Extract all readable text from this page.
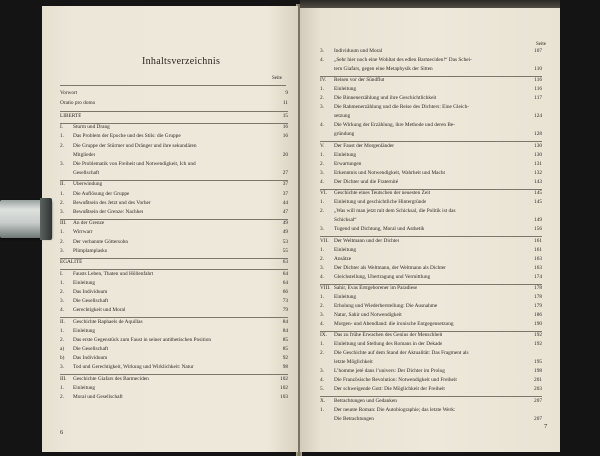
Inhaltsverzeichnis
Seite
Vorwort	9
Oratio pro domo	11
LIBERTÉ	15
I. Sturm und Drang	16
1. Das Problem der Epoche und des Stils: die Gruppe	16
2. Die Gruppe der Stürmer und Dränger und ihre sekundären
Mitglieder	20
3. Die Problematik von Freiheit und Notwendigkeit, Ich und
Gesellschaft	27
II. Überwindung	37
1. Die Auflösung der Gruppe	37
2. Bewußtsein des Jetzt und des Vorher	44
3. Bewußtsein der Grenze: Nachher	47
III. An der Grenze	49
1. Wirrwarr	49
2. Der verbannte Göttersohn	53
3. Plimplamplasko	55
EGALITÉ	63
I. Fausts Leben, Thaten und Höllenfahrt	64
1. Einleitung	64
2. Das Individuum	66
3. Die Gesellschaft	73
4. Gerechtigkeit und Moral	79
II. Geschichte Raphaels de Aquillas	84
1. Einleitung	84
2. Das erste Gegenstück zum Faust in seiner antithetischen Position	85
a) Die Gesellschaft	85
b) Das Individuum	92
3. Tod und Gerechtigkeit, Wirkung und Wirklichkeit: Natur	98
III. Geschichte Giafars des Barmeciden	102
1. Einleitung	102
2. Moral und Gesellschaft	103
6
Seite
3. Individuum und Moral	107
4. „Sehr hier noch eine Wohltat des edlen Barmeciden!“ Das Schei-
tern Giafars, gegen eine Metaphysik der Sitten	110
IV. Reisen vor der Sündflut	116
1. Einleitung	116
2. Die Binnenerzählung und ihre Geschichtlichkeit	117
3. Die Rahmenerzählung und die Reise des Dichters: Eine Gleich-
setzung	124
4. Die Wirkung der Erzählung, ihre Methode und deren Be-
gründung	128
V. Der Faust der Morgenländer	130
1. Einleitung	130
2. Erwartungen	131
3. Erkenntnis und Notwendigkeit, Wahrheit und Macht	132
4. Der Dichter und die Fraternité	143
VI. Geschichte eines Teutschen der neuesten Zeit	145
1. Einleitung und geschichtliche Hintergründe	145
2. „Was will man jetzt mit dem Schicksal, die Politik ist das
Schicksal“	149
3. Tugend und Dichtung, Moral und Ästhetik	156
VII. Der Weltmann und der Dichter	161
1. Einleitung	161
2. Ansätze	163
3. Der Dichter als Weltmann, der Weltmann als Dichter	163
4. Gleichstellung, Übertragung und Vermittlung	174
VIII. Sahir, Evas Erstgeborener im Paradiese	178
1. Einleitung	178
2. Erholung und Wiederherstellung: Die Ausnahme	179
3. Natur, Sahir und Notwendigkeit	186
4. Morgen- und Abendland: die ironische Entgegensetzung	190
IX. Das zu frühe Erwachen des Genius der Menschheit	192
1. Einleitung und Stellung des Romans in der Dekade	192
2. Die Geschichte auf dem Stand der Aktualität: Das Fragment als
letzte Möglichkeit	195
3. L’homme jeté dans l’univers: Der Dichter im Prolog	198
4. Die Französische Revolution: Notwendigkeit und Freiheit	201
5. Der schweigende Gott: Die Möglichkeit der Freiheit	203
X. Betrachtungen und Gedanken	207
1. Der neunte Roman: Die Autobiographie; das letzte Werk:
Die Betrachtungen	207
7
